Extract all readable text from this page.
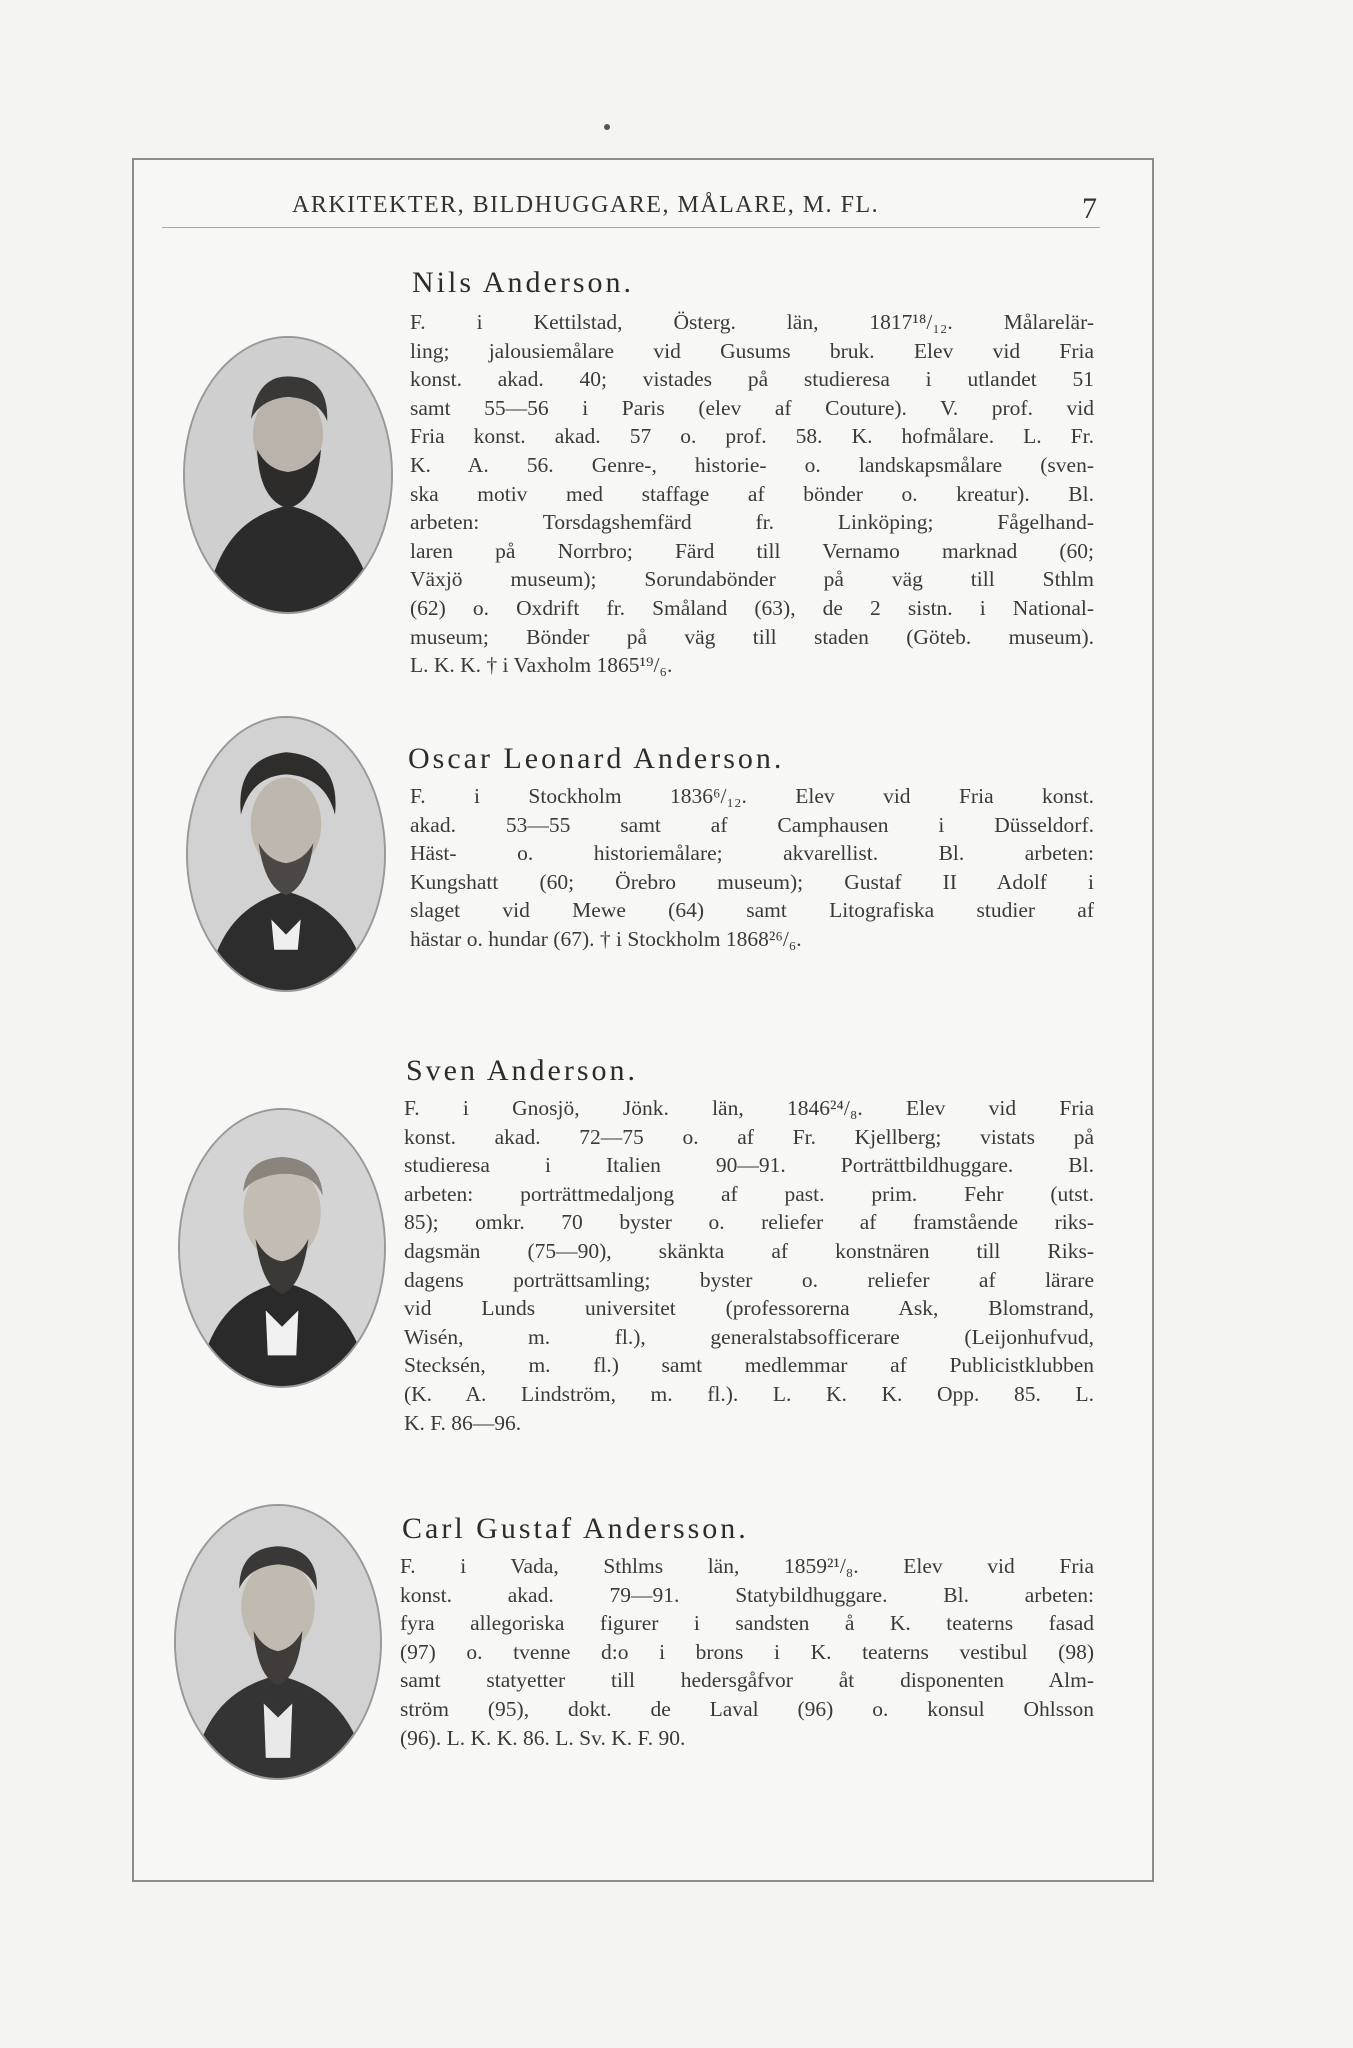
ARKITEKTER, BILDHUGGARE, MÅLARE, M. FL.	7
Nils Anderson.
F. i Kettilstad, Österg. län, 1817¹⁸/₁₂. Målarelär-
ling; jalousiemålare vid Gusums bruk. Elev vid Fria
konst. akad. 40; vistades på studieresa i utlandet 51
samt 55—56 i Paris (elev af Couture). V. prof. vid
Fria konst. akad. 57 o. prof. 58. K. hofmålare. L. Fr.
K. A. 56. Genre-, historie- o. landskapsmålare (sven-
ska motiv med staffage af bönder o. kreatur). Bl.
arbeten: Torsdagshemfärd fr. Linköping; Fågelhand-
laren på Norrbro; Färd till Vernamo marknad (60;
Växjö museum); Sorundabönder på väg till Sthlm
(62) o. Oxdrift fr. Småland (63), de 2 sistn. i National-
museum; Bönder på väg till staden (Göteb. museum).
L. K. K. † i Vaxholm 1865¹⁹/₆.
Oscar Leonard Anderson.
F. i Stockholm 1836⁶/₁₂. Elev vid Fria konst.
akad. 53—55 samt af Camphausen i Düsseldorf.
Häst- o. historiemålare; akvarellist. Bl. arbeten:
Kungshatt (60; Örebro museum); Gustaf II Adolf i
slaget vid Mewe (64) samt Litografiska studier af
hästar o. hundar (67). † i Stockholm 1868²⁶/₆.
Sven Anderson.
F. i Gnosjö, Jönk. län, 1846²⁴/₈. Elev vid Fria
konst. akad. 72—75 o. af Fr. Kjellberg; vistats på
studieresa i Italien 90—91. Porträttbildhuggare. Bl.
arbeten: porträttmedaljong af past. prim. Fehr (utst.
85); omkr. 70 byster o. reliefer af framstående riks-
dagsmän (75—90), skänkta af konstnären till Riks-
dagens porträttsamling; byster o. reliefer af lärare
vid Lunds universitet (professorerna Ask, Blomstrand,
Wisén, m. fl.), generalstabsofficerare (Leijonhufvud,
Stecksén, m. fl.) samt medlemmar af Publicistklubben
(K. A. Lindström, m. fl.). L. K. K. Opp. 85. L.
K. F. 86—96.
Carl Gustaf Andersson.
F. i Vada, Sthlms län, 1859²¹/₈. Elev vid Fria
konst. akad. 79—91. Statybildhuggare. Bl. arbeten:
fyra allegoriska figurer i sandsten å K. teaterns fasad
(97) o. tvenne d:o i brons i K. teaterns vestibul (98)
samt statyetter till hedersgåfvor åt disponenten Alm-
ström (95), dokt. de Laval (96) o. konsul Ohlsson
(96). L. K. K. 86. L. Sv. K. F. 90.
